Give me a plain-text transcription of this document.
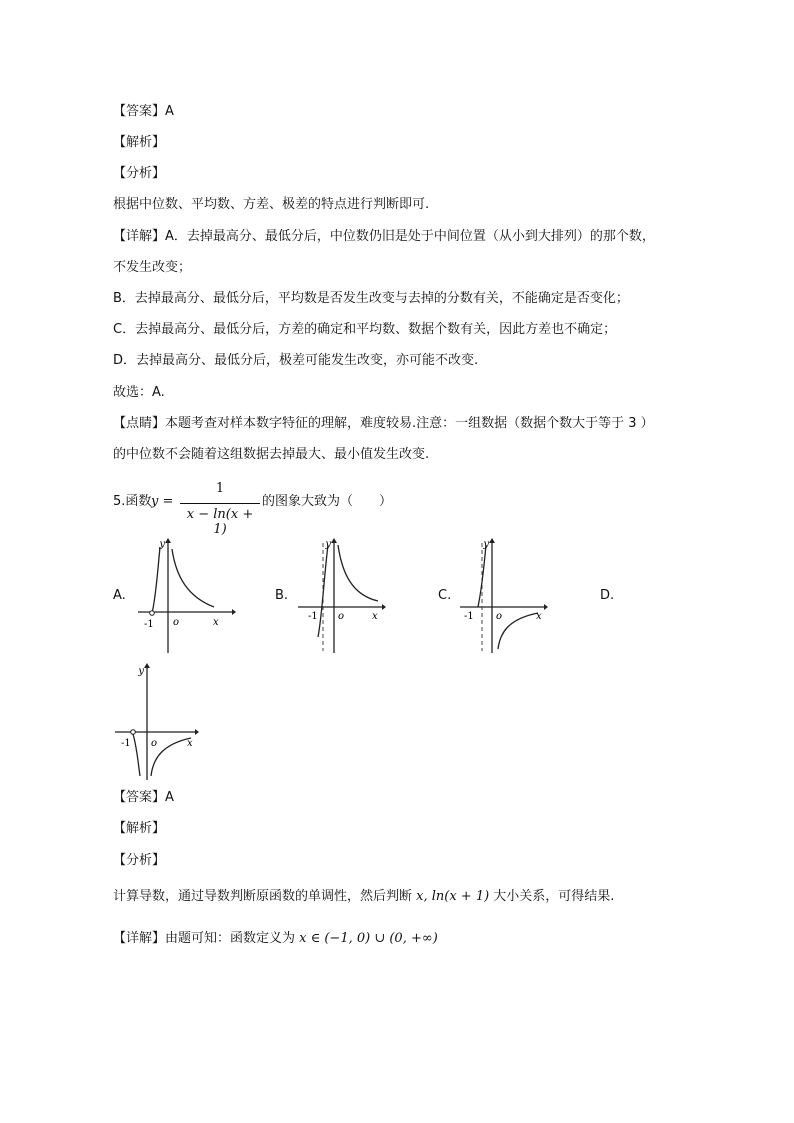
【答案】A
【解析】
【分析】
根据中位数、平均数、方差、极差的特点进行判断即可.
【详解】A．去掉最高分、最低分后，中位数仍旧是处于中间位置（从小到大排列）的那个数，
不发生改变；
B．去掉最高分、最低分后，平均数是否发生改变与去掉的分数有关，不能确定是否变化；
C．去掉最高分、最低分后，方差的确定和平均数、数据个数有关，因此方差也不确定；
D．去掉最高分、最低分后，极差可能发生改变，亦可能不改变.
故选：A.
【点睛】本题考查对样本数字特征的理解，难度较易.注意：一组数据（数据个数大于等于 3 ）
的中位数不会随着这组数据去掉最大、最小值发生改变.
5.函数 y =
1
x − ln(x + 1)
的图象大致为（　　）
A.	B.	C.	D.
y
-1 o	x
y
-1 o	x
y
-1 o	x
y
-1 o	x
【答案】A
【解析】
【分析】
计算导数，通过导数判断原函数的单调性，然后判断 x, ln(x + 1) 大小关系，可得结果.
【详解】由题可知：函数定义为 x ∈ (−1, 0) ∪ (0, +∞)
